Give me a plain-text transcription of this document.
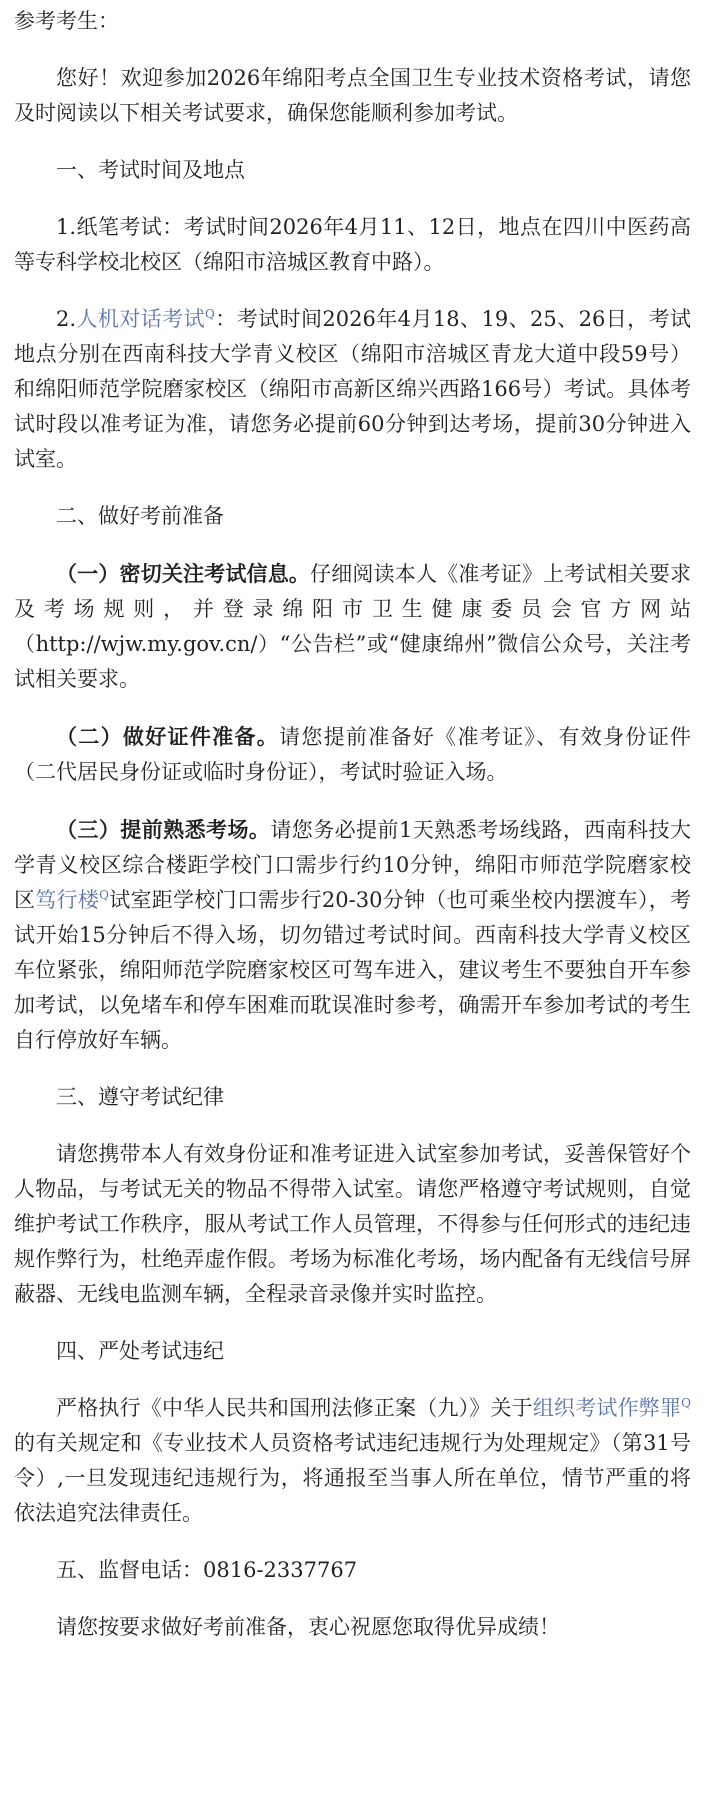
参考考生：

您好！欢迎参加2026年绵阳考点全国卫生专业技术资格考试，请您及时阅读以下相关考试要求，确保您能顺利参加考试。

一、考试时间及地点

1.纸笔考试：考试时间2026年4月11、12日，地点在四川中医药高等专科学校北校区（绵阳市涪城区教育中路）。

2.人机对话考试$^Q$：考试时间2026年4月18、19、25、26日，考试地点分别在西南科技大学青义校区（绵阳市涪城区青龙大道中段59号）和绵阳师范学院磨家校区（绵阳市高新区绵兴西路166号）考试。具体考试时段以准考证为准，请您务必提前60分钟到达考场，提前30分钟进入试室。

二、做好考前准备

（一）密切关注考试信息。仔细阅读本人《准考证》上考试相关要求及考场规则，并登录绵阳市卫生健康委员会官方网站（http://wjw.my.gov.cn/）“公告栏”或“健康绵州”微信公众号，关注考试相关要求。

（二）做好证件准备。请您提前准备好《准考证》、有效身份证件（二代居民身份证或临时身份证），考试时验证入场。

（三）提前熟悉考场。请您务必提前1天熟悉考场线路，西南科技大学青义校区综合楼距学校门口需步行约10分钟，绵阳市师范学院磨家校区笃行楼$^Q$试室距学校门口需步行20-30分钟（也可乘坐校内摆渡车），考试开始15分钟后不得入场，切勿错过考试时间。西南科技大学青义校区车位紧张，绵阳师范学院磨家校区可驾车进入，建议考生不要独自开车参加考试，以免堵车和停车困难而耽误准时参考，确需开车参加考试的考生自行停放好车辆。

三、遵守考试纪律

请您携带本人有效身份证和准考证进入试室参加考试，妥善保管好个人物品，与考试无关的物品不得带入试室。请您严格遵守考试规则，自觉维护考试工作秩序，服从考试工作人员管理，不得参与任何形式的违纪违规作弊行为，杜绝弄虚作假。考场为标准化考场，场内配备有无线信号屏蔽器、无线电监测车辆，全程录音录像并实时监控。

四、严处考试违纪

严格执行《中华人民共和国刑法修正案（九）》关于组织考试作弊罪$^Q$的有关规定和《专业技术人员资格考试违纪违规行为处理规定》（第31号令）,一旦发现违纪违规行为，将通报至当事人所在单位，情节严重的将依法追究法律责任。

五、监督电话：0816-2337767

请您按要求做好考前准备，衷心祝愿您取得优异成绩！
